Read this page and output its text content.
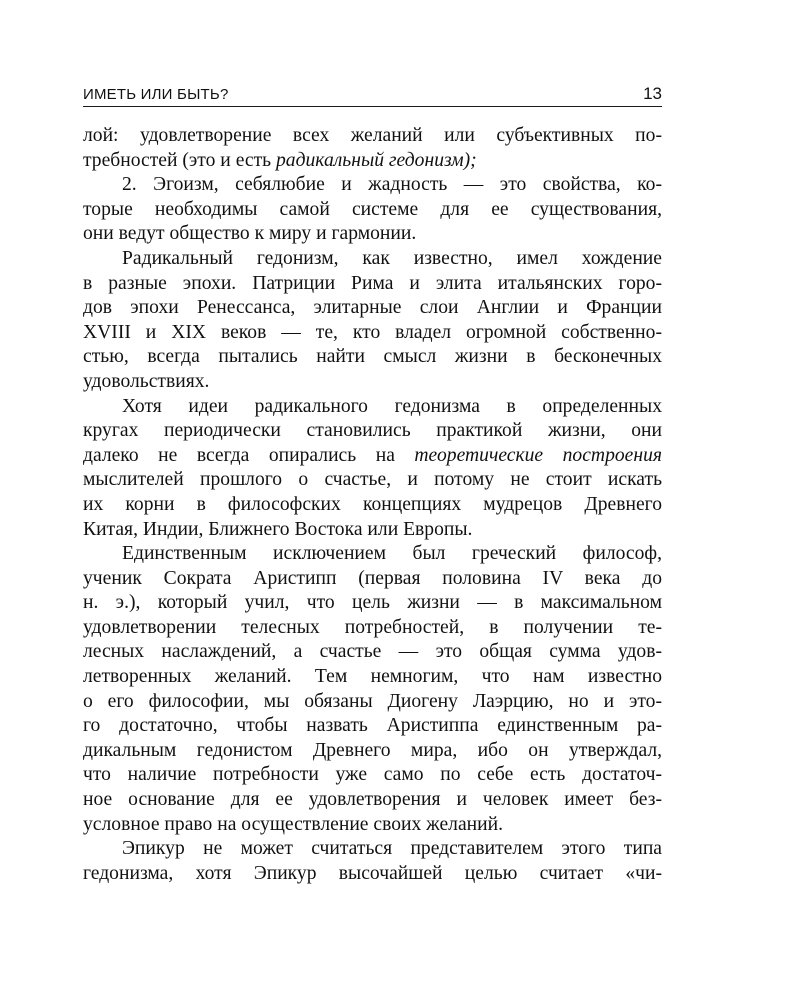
ИМЕТЬ ИЛИ БЫТЬ?	13
лой: удовлетворение всех желаний или субъективных по-
требностей (это и есть радикальный гедонизм);
2. Эгоизм, себялюбие и жадность — это свойства, ко-
торые необходимы самой системе для ее существования,
они ведут общество к миру и гармонии.
Радикальный гедонизм, как известно, имел хождение
в разные эпохи. Патриции Рима и элита итальянских горо-
дов эпохи Ренессанса, элитарные слои Англии и Франции
XVIII и XIX веков — те, кто владел огромной собственно-
стью, всегда пытались найти смысл жизни в бесконечных
удовольствиях.
Хотя идеи радикального гедонизма в определенных
кругах периодически становились практикой жизни, они
далеко не всегда опирались на теоретические построения
мыслителей прошлого о счастье, и потому не стоит искать
их корни в философских концепциях мудрецов Древнего
Китая, Индии, Ближнего Востока или Европы.
Единственным исключением был греческий философ,
ученик Сократа Аристипп (первая половина IV века до
н. э.), который учил, что цель жизни — в максимальном
удовлетворении телесных потребностей, в получении те-
лесных наслаждений, а счастье — это общая сумма удов-
летворенных желаний. Тем немногим, что нам известно
о его философии, мы обязаны Диогену Лаэрцию, но и это-
го достаточно, чтобы назвать Аристиппа единственным ра-
дикальным гедонистом Древнего мира, ибо он утверждал,
что наличие потребности уже само по себе есть достаточ-
ное основание для ее удовлетворения и человек имеет без-
условное право на осуществление своих желаний.
Эпикур не может считаться представителем этого типа
гедонизма, хотя Эпикур высочайшей целью считает «чи-
